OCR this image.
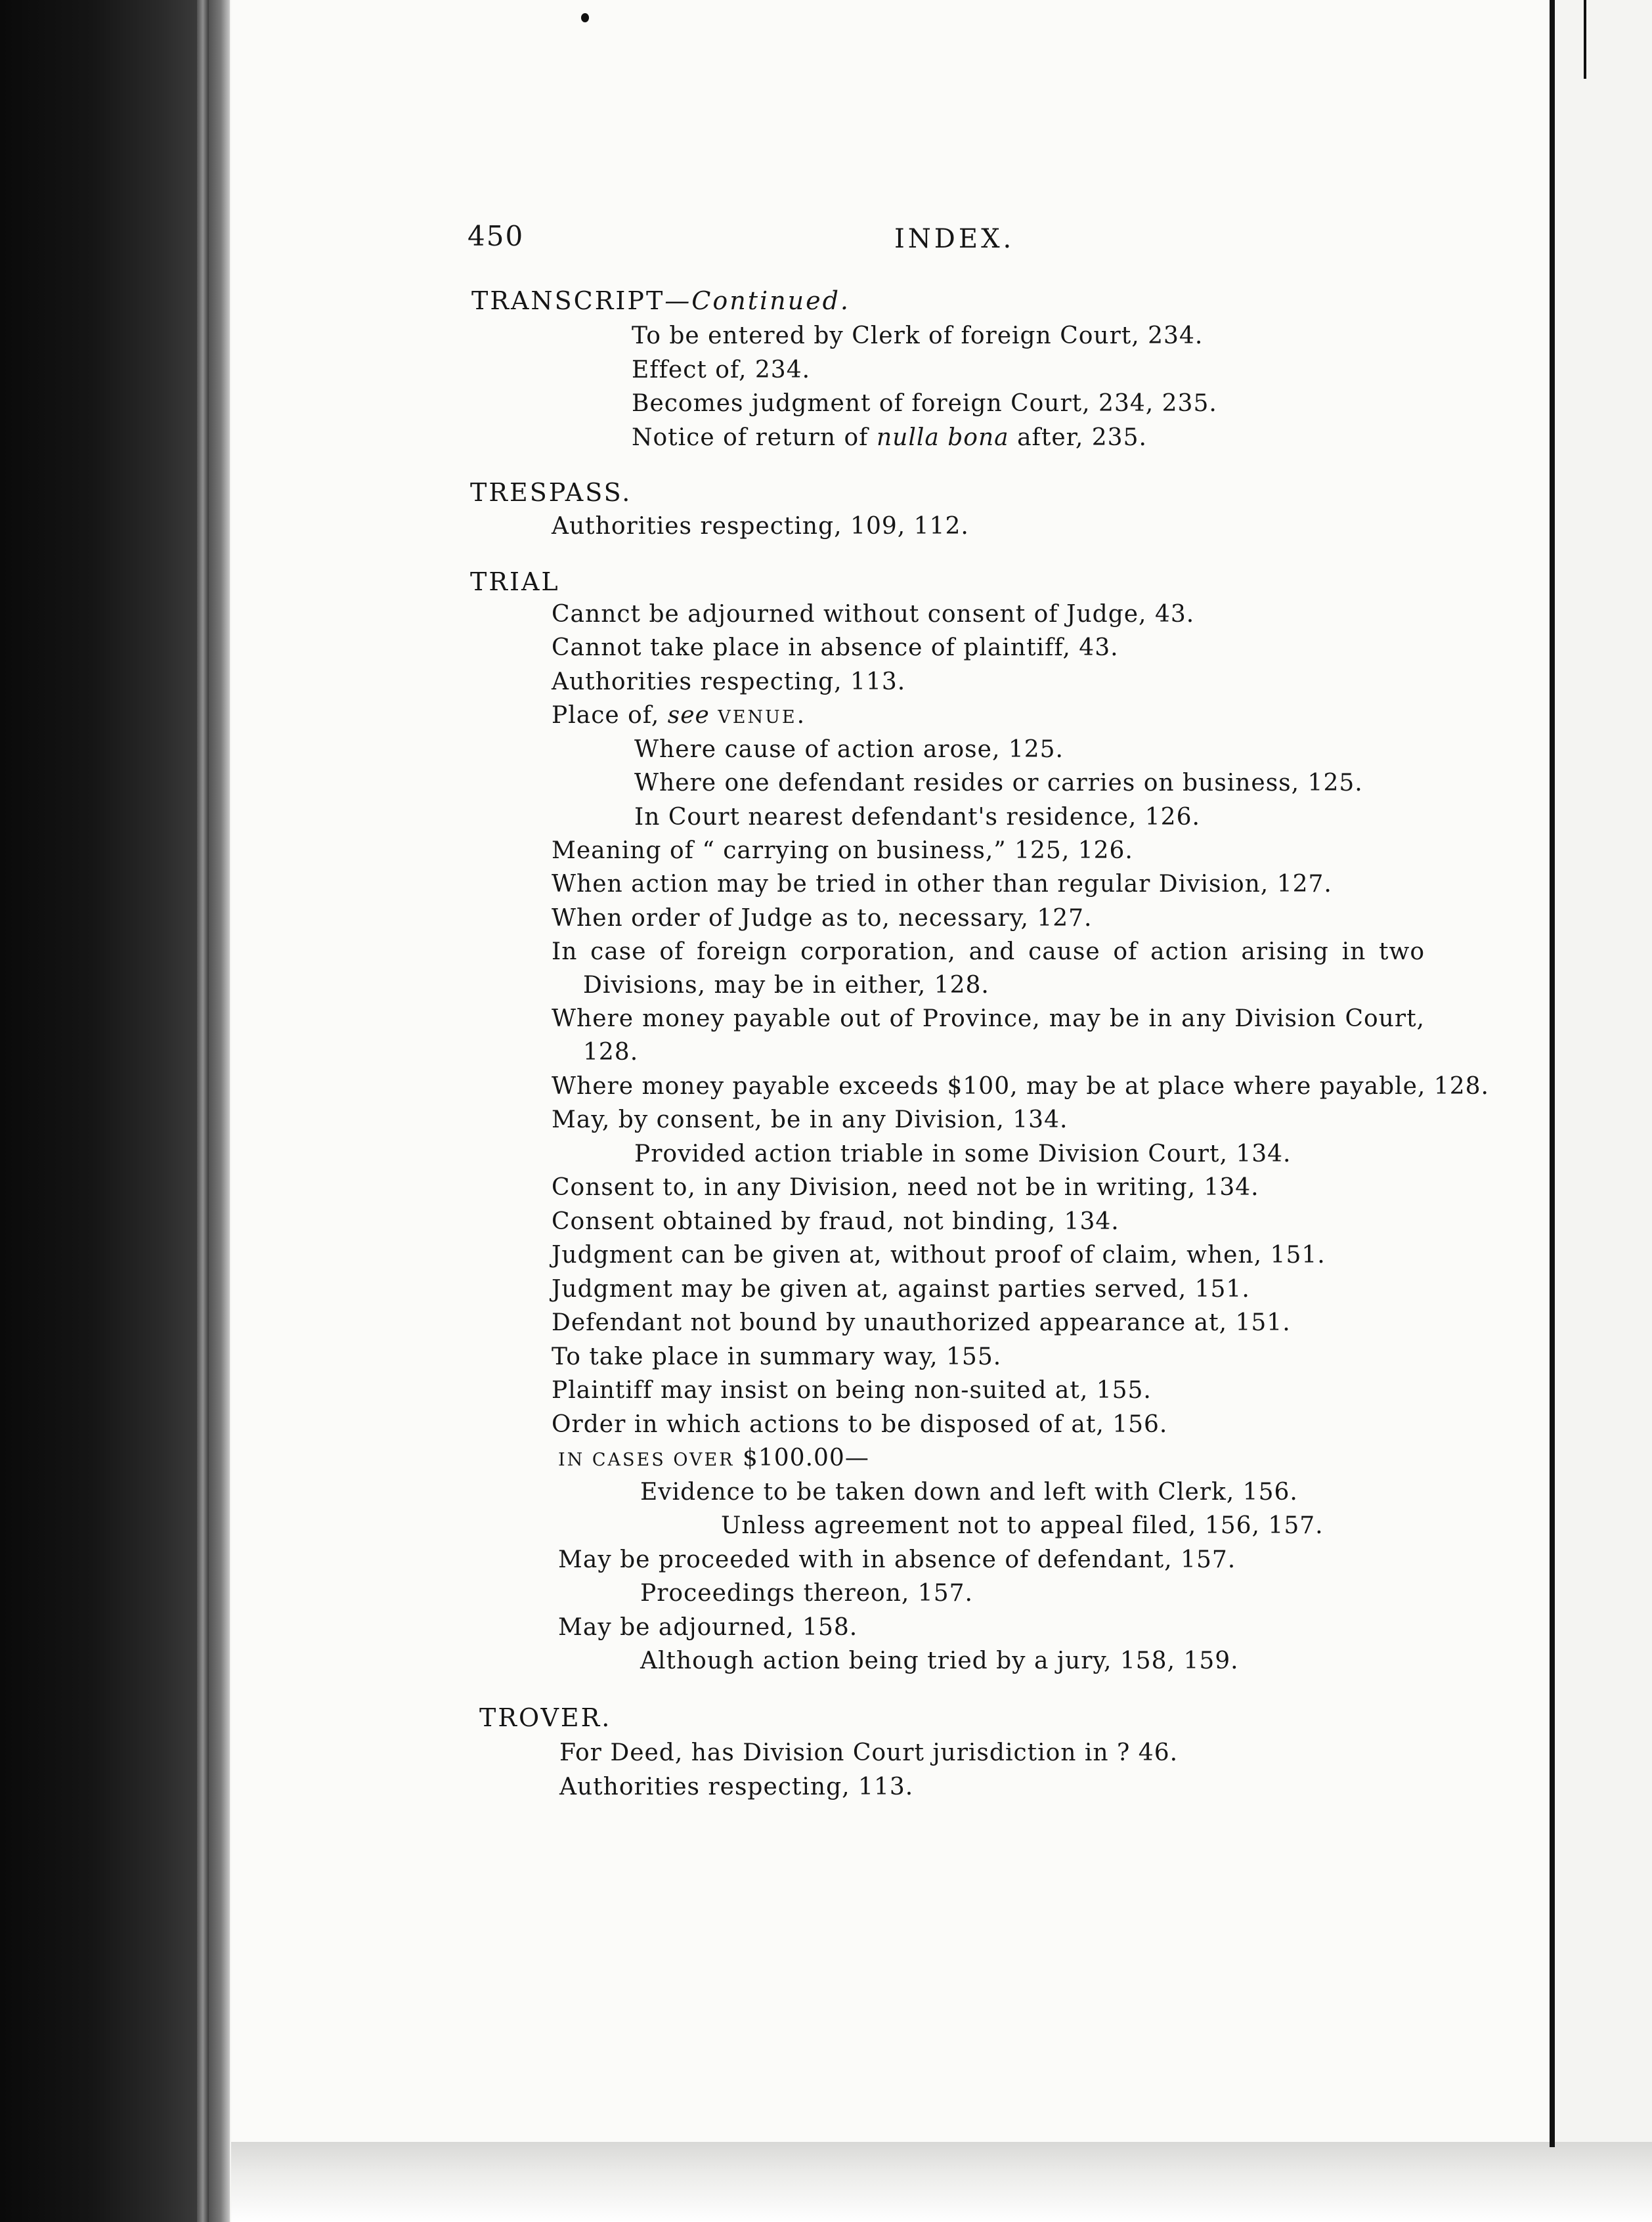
450	INDEX.
TRANSCRIPT—Continued.
To be entered by Clerk of foreign Court, 234.
Effect of, 234.
Becomes judgment of foreign Court, 234, 235.
Notice of return of nulla bona after, 235.
TRESPASS.
Authorities respecting, 109, 112.
TRIAL
Cannct be adjourned without consent of Judge, 43.
Cannot take place in absence of plaintiff, 43.
Authorities respecting, 113.
Place of, see VENUE.
Where cause of action arose, 125.
Where one defendant resides or carries on business, 125.
In Court nearest defendant's residence, 126.
Meaning of “ carrying on business,” 125, 126.
When action may be tried in other than regular Division, 127.
When order of Judge as to, necessary, 127.
In case of foreign corporation, and cause of action arising in two
Divisions, may be in either, 128.
Where money payable out of Province, may be in any Division Court,
128.
Where money payable exceeds $100, may be at place where payable, 128.
May, by consent, be in any Division, 134.
Provided action triable in some Division Court, 134.
Consent to, in any Division, need not be in writing, 134.
Consent obtained by fraud, not binding, 134.
Judgment can be given at, without proof of claim, when, 151.
Judgment may be given at, against parties served, 151.
Defendant not bound by unauthorized appearance at, 151.
To take place in summary way, 155.
Plaintiff may insist on being non-suited at, 155.
Order in which actions to be disposed of at, 156.
IN CASES OVER $100.00—
Evidence to be taken down and left with Clerk, 156.
Unless agreement not to appeal filed, 156, 157.
May be proceeded with in absence of defendant, 157.
Proceedings thereon, 157.
May be adjourned, 158.
Although action being tried by a jury, 158, 159.
TROVER.
For Deed, has Division Court jurisdiction in ? 46.
Authorities respecting, 113.
